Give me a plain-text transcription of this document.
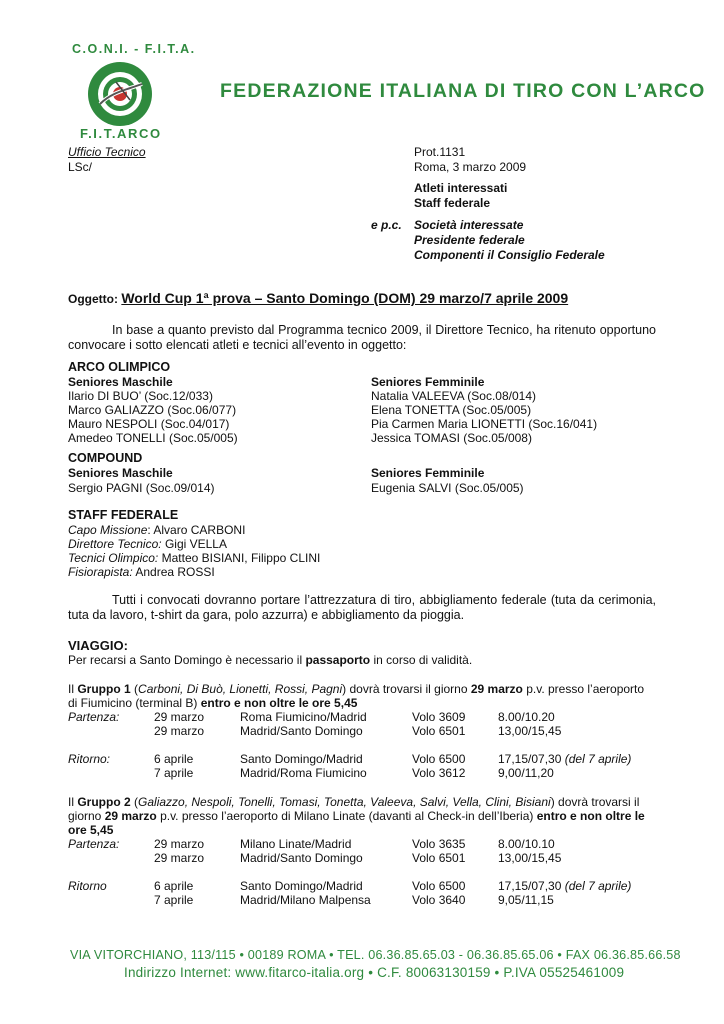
C.O.N.I. - F.I.T.A.
F.I.T.ARCO
FEDERAZIONE ITALIANA DI TIRO CON L’ARCO
Ufficio Tecnico
LSc/
Prot.1131
Roma, 3 marzo 2009
Atleti interessati
Staff federale
e p.c. Società interessate
Presidente federale
Componenti il Consiglio Federale
Oggetto: World Cup 1ª prova – Santo Domingo (DOM) 29 marzo/7 aprile 2009
In base a quanto previsto dal Programma tecnico 2009, il Direttore Tecnico, ha ritenuto opportuno convocare i sotto elencati atleti e tecnici all’evento in oggetto:
ARCO OLIMPICO
Seniores Maschile
Ilario DI BUO’ (Soc.12/033)
Marco GALIAZZO (Soc.06/077)
Mauro NESPOLI (Soc.04/017)
Amedeo TONELLI (Soc.05/005)
Seniores Femminile
Natalia VALEEVA (Soc.08/014)
Elena TONETTA (Soc.05/005)
Pia Carmen Maria LIONETTI (Soc.16/041)
Jessica TOMASI (Soc.05/008)
COMPOUND
Seniores Maschile
Sergio PAGNI (Soc.09/014)
Seniores Femminile
Eugenia SALVI (Soc.05/005)
STAFF FEDERALE
Capo Missione: Alvaro CARBONI
Direttore Tecnico: Gigi VELLA
Tecnici Olimpico: Matteo BISIANI, Filippo CLINI
Fisiorapista: Andrea ROSSI
Tutti i convocati dovranno portare l’attrezzatura di tiro, abbigliamento federale (tuta da cerimonia, tuta da lavoro, t-shirt da gara, polo azzurra) e abbigliamento da pioggia.
VIAGGIO:
Per recarsi a Santo Domingo è necessario il passaporto in corso di validità.
Il Gruppo 1 (Carboni, Di Buò, Lionetti, Rossi, Pagni) dovrà trovarsi il giorno 29 marzo p.v. presso l’aeroporto
di Fiumicino (terminal B) entro e non oltre le ore 5,45
Partenza:	29 marzo	Roma Fiumicino/Madrid	Volo 3609	8.00/10.20
	29 marzo	Madrid/Santo Domingo	Volo 6501	13,00/15,45

Ritorno:	6 aprile	Santo Domingo/Madrid	Volo 6500	17,15/07,30 (del 7 aprile)
	7 aprile	Madrid/Roma Fiumicino	Volo 3612	9,00/11,20
Il Gruppo 2 (Galiazzo, Nespoli, Tonelli, Tomasi, Tonetta, Valeeva, Salvi, Vella, Clini, Bisiani) dovrà trovarsi il
giorno 29 marzo p.v. presso l’aeroporto di Milano Linate (davanti al Check-in dell’Iberia) entro e non oltre le
ore 5,45
Partenza:	29 marzo	Milano Linate/Madrid	Volo 3635	8.00/10.10
	29 marzo	Madrid/Santo Domingo	Volo 6501	13,00/15,45

Ritorno	6 aprile	Santo Domingo/Madrid	Volo 6500	17,15/07,30 (del 7 aprile)
	7 aprile	Madrid/Milano Malpensa	Volo 3640	9,05/11,15
VIA VITORCHIANO, 113/115 • 00189 ROMA • TEL. 06.36.85.65.03 - 06.36.85.65.06 • FAX 06.36.85.66.58
Indirizzo Internet: www.fitarco-italia.org • C.F. 80063130159 • P.IVA 05525461009
